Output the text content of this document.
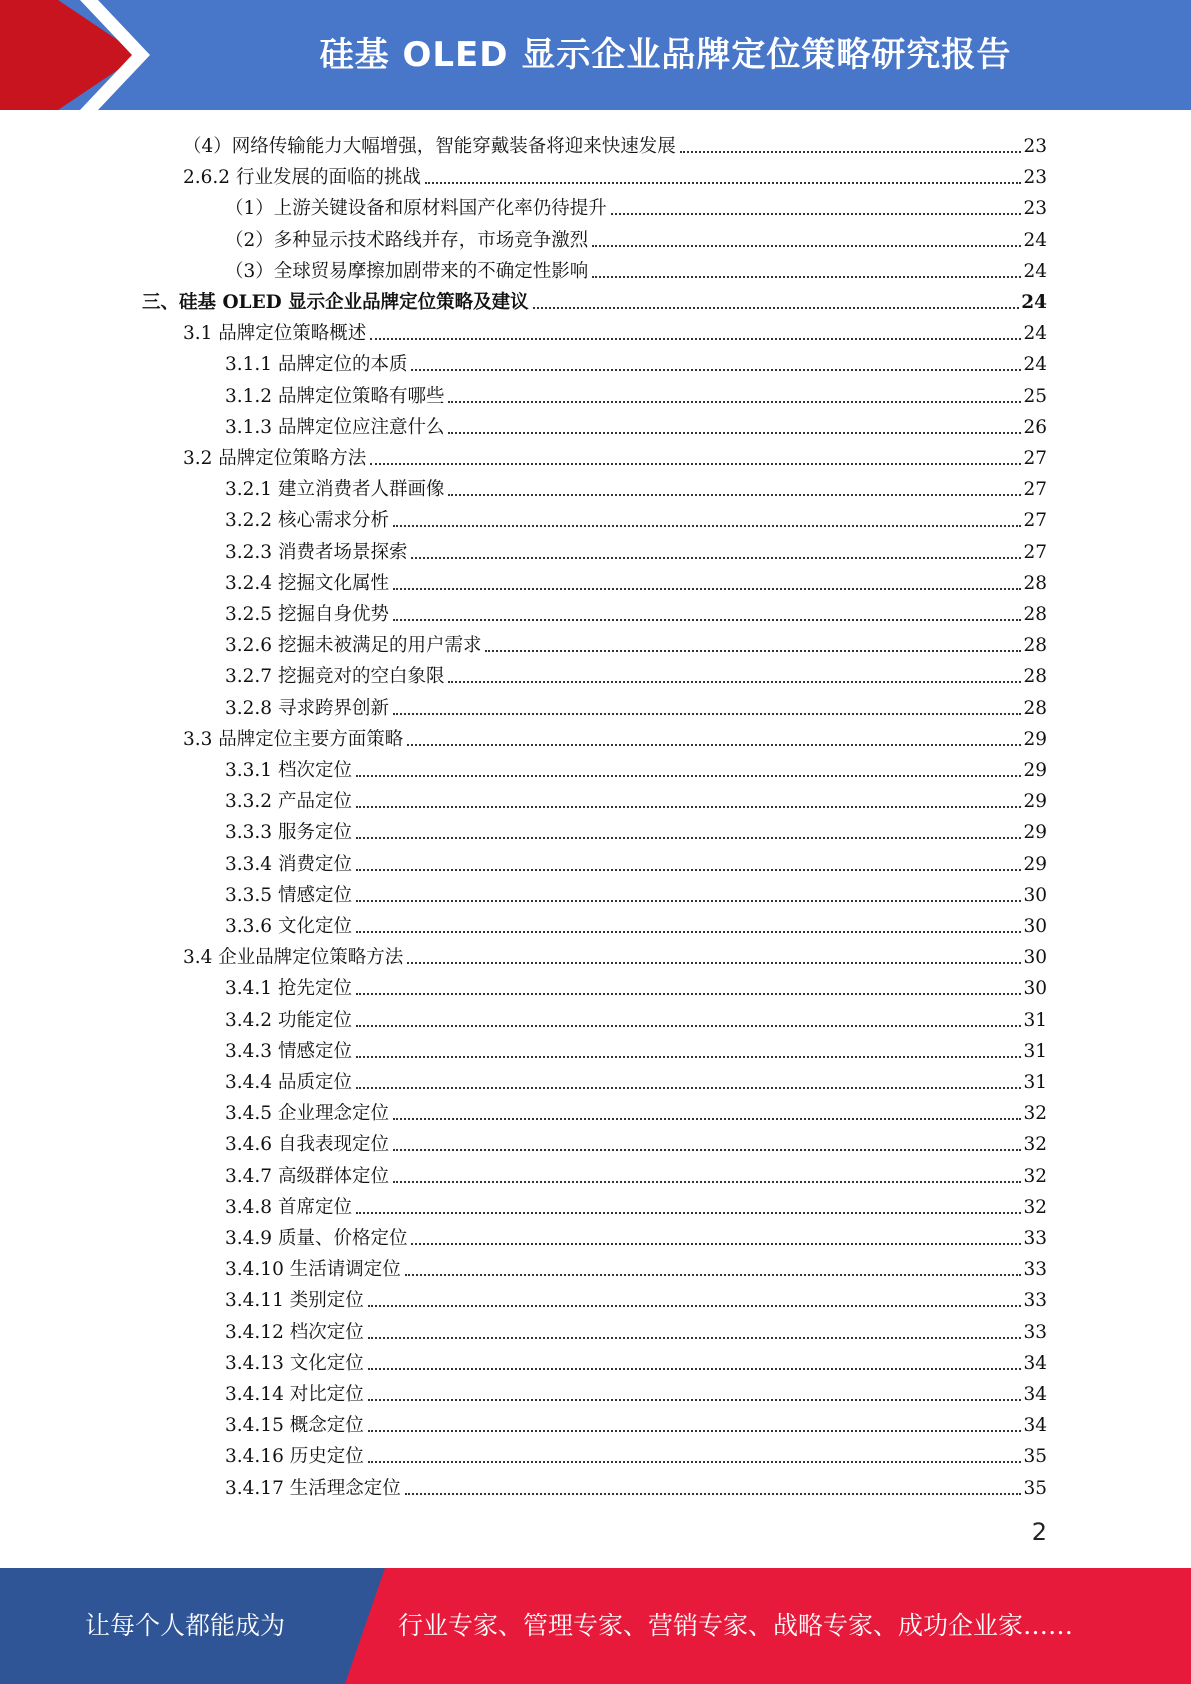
硅基 OLED 显示企业品牌定位策略研究报告
（4）网络传输能力大幅增强，智能穿戴装备将迎来快速发展	23
2.6.2 行业发展的面临的挑战	23
（1）上游关键设备和原材料国产化率仍待提升	23
（2）多种显示技术路线并存，市场竞争激烈	24
（3）全球贸易摩擦加剧带来的不确定性影响	24
三、硅基 OLED 显示企业品牌定位策略及建议	24
3.1 品牌定位策略概述	24
3.1.1 品牌定位的本质	24
3.1.2 品牌定位策略有哪些	25
3.1.3 品牌定位应注意什么	26
3.2 品牌定位策略方法	27
3.2.1 建立消费者人群画像	27
3.2.2 核心需求分析	27
3.2.3 消费者场景探索	27
3.2.4 挖掘文化属性	28
3.2.5 挖掘自身优势	28
3.2.6 挖掘未被满足的用户需求	28
3.2.7 挖掘竞对的空白象限	28
3.2.8 寻求跨界创新	28
3.3 品牌定位主要方面策略	29
3.3.1 档次定位	29
3.3.2 产品定位	29
3.3.3 服务定位	29
3.3.4 消费定位	29
3.3.5 情感定位	30
3.3.6 文化定位	30
3.4 企业品牌定位策略方法	30
3.4.1 抢先定位	30
3.4.2 功能定位	31
3.4.3 情感定位	31
3.4.4 品质定位	31
3.4.5 企业理念定位	32
3.4.6 自我表现定位	32
3.4.7 高级群体定位	32
3.4.8 首席定位	32
3.4.9 质量、价格定位	33
3.4.10 生活请调定位	33
3.4.11 类别定位	33
3.4.12 档次定位	33
3.4.13 文化定位	34
3.4.14 对比定位	34
3.4.15 概念定位	34
3.4.16 历史定位	35
3.4.17 生活理念定位	35
2
让每个人都能成为	行业专家、管理专家、营销专家、战略专家、成功企业家……
